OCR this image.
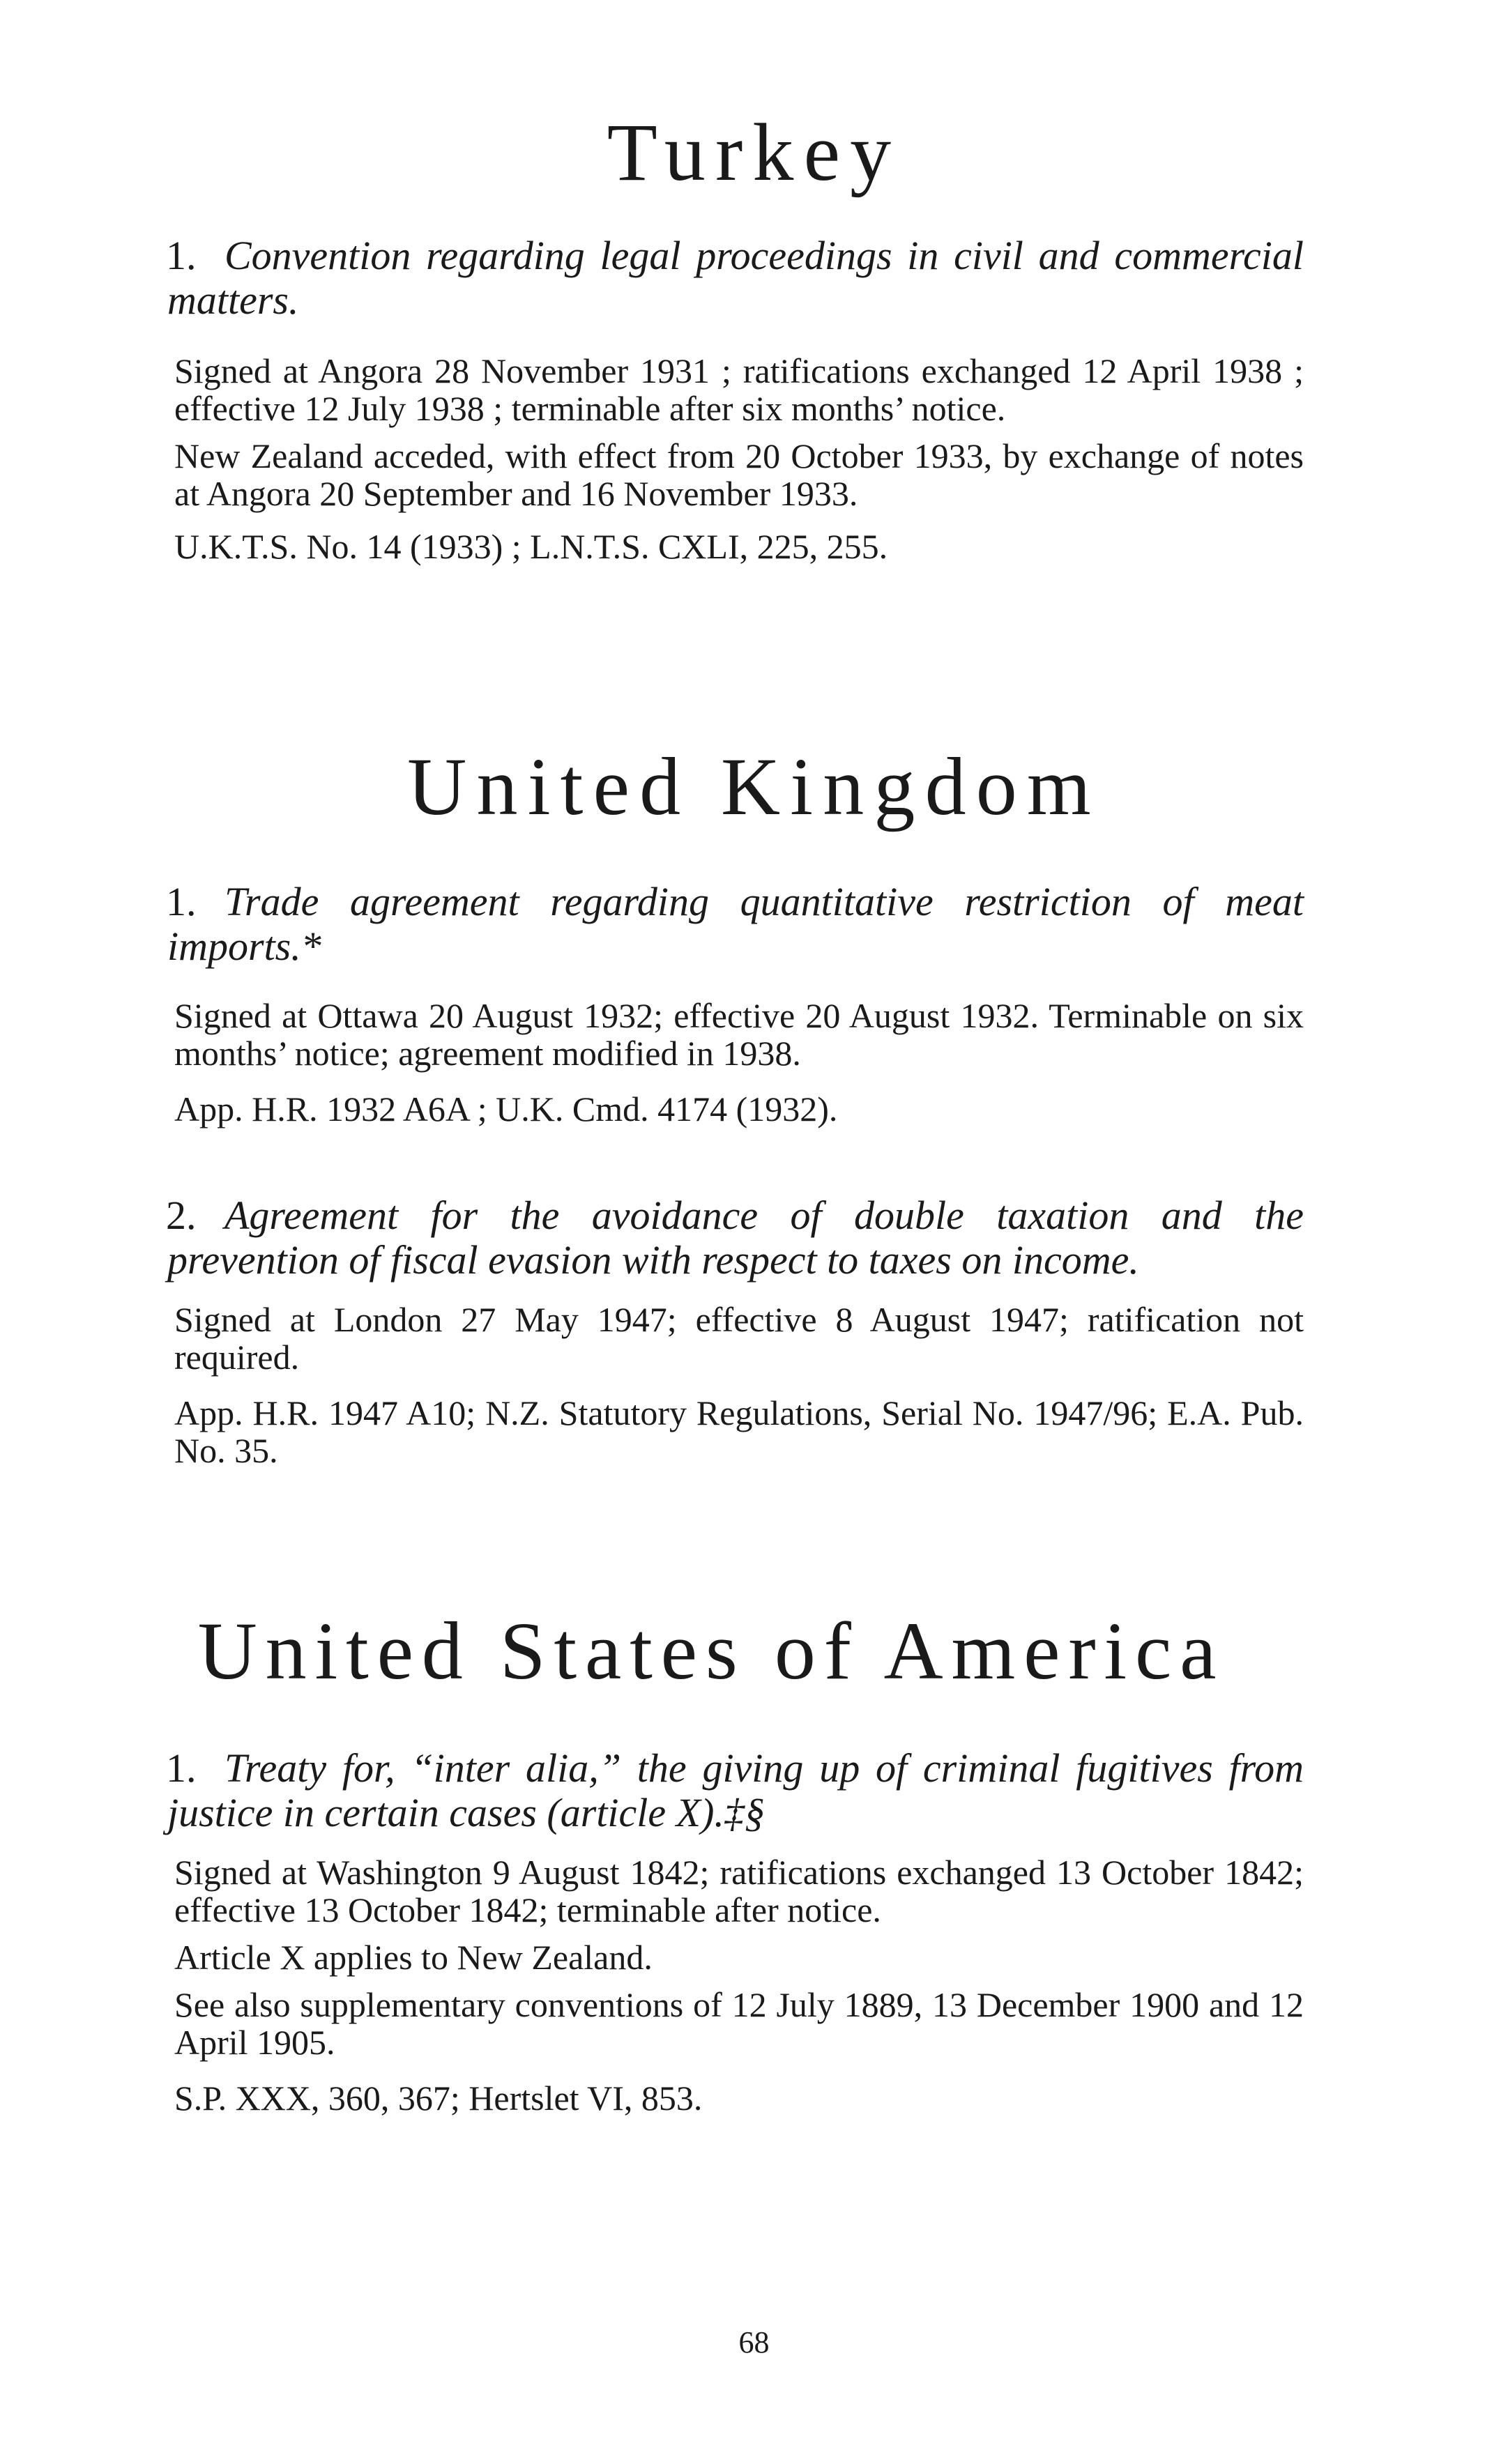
Turkey

1. Convention regarding legal proceedings in civil and commercial matters.

Signed at Angora 28 November 1931 ; ratifications exchanged 12 April 1938 ; effective 12 July 1938 ; terminable after six months’ notice.

New Zealand acceded, with effect from 20 October 1933, by exchange of notes at Angora 20 September and 16 November 1933.

U.K.T.S. No. 14 (1933) ; L.N.T.S. CXLI, 225, 255.

United Kingdom

1. Trade agreement regarding quantitative restriction of meat imports.*

Signed at Ottawa 20 August 1932; effective 20 August 1932. Terminable on six months’ notice; agreement modified in 1938.

App. H.R. 1932 A6A ; U.K. Cmd. 4174 (1932).

2. Agreement for the avoidance of double taxation and the prevention of fiscal evasion with respect to taxes on income.

Signed at London 27 May 1947; effective 8 August 1947; ratification not required.

App. H.R. 1947 A10; N.Z. Statutory Regulations, Serial No. 1947/96; E.A. Pub. No. 35.

United States of America

1. Treaty for, “inter alia,” the giving up of criminal fugitives from justice in certain cases (article X).‡§

Signed at Washington 9 August 1842; ratifications exchanged 13 October 1842; effective 13 October 1842; terminable after notice.

Article X applies to New Zealand.

See also supplementary conventions of 12 July 1889, 13 December 1900 and 12 April 1905.

S.P. XXX, 360, 367; Hertslet VI, 853.

68
